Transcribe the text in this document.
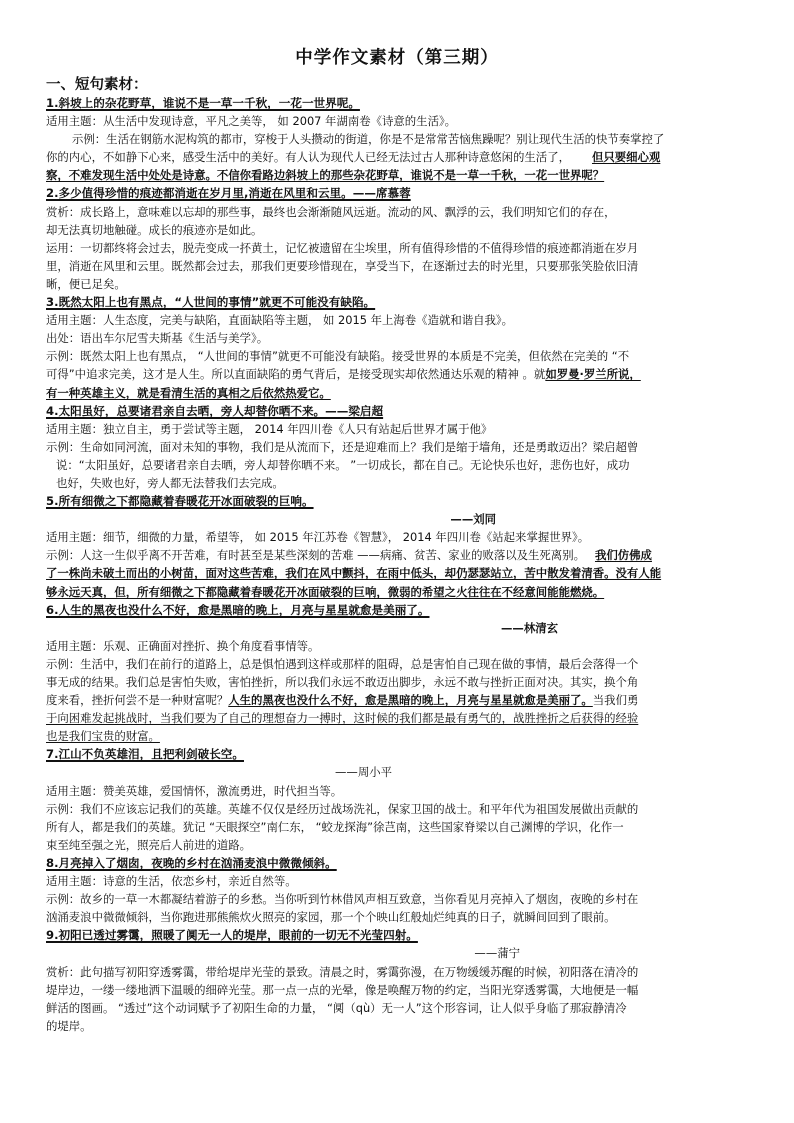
中学作文素材（第三期）

一、短句素材：

1.斜坡上的杂花野草，谁说不是一草一千秋，一花一世界呢。

适用主题：从生活中发现诗意，平凡之美等， 如 2007 年湖南卷《诗意的生活》。

示例：生活在钢筋水泥构筑的都市，穿梭于人头攒动的街道，你是不是常常苦恼焦躁呢？别让现代生活的快节奏掌控了

你的内心，不如静下心来，感受生活中的美好。有人认为现代人已经无法过古人那种诗意悠闲的生活了， 但只要细心观

察，不难发现生活中处处是诗意。不信你看路边斜坡上的那些杂花野草，谁说不是一草一千秋，一花一世界呢？

2.多少值得珍惜的痕迹都消逝在岁月里,消逝在风里和云里。——席慕蓉

赏析：成长路上，意味难以忘却的那些事，最终也会渐渐随风远逝。流动的风、飘浮的云，我们明知它们的存在，

却无法真切地触碰。成长的痕迹亦是如此。

运用：一切都终将会过去，脱壳变成一抔黄土，记忆被遗留在尘埃里，所有值得珍惜的不值得珍惜的痕迹都消逝在岁月

里，消逝在风里和云里。既然都会过去，那我们更要珍惜现在，享受当下，在逐渐过去的时光里，只要那张笑脸依旧清

晰，便已足矣。

3.既然太阳上也有黑点，“人世间的事情”就更不可能没有缺陷。

适用主题：人生态度，完美与缺陷，直面缺陷等主题， 如 2015 年上海卷《造就和谐自我》。

出处：语出车尔尼雪夫斯基《生活与美学》。

示例：既然太阳上也有黑点， “人世间的事情”就更不可能没有缺陷。接受世界的本质是不完美，但依然在完美的 “不

可得”中追求完美，这才是人生。所以直面缺陷的勇气背后，是接受现实却依然通达乐观的精神 。就如罗曼·罗兰所说，

有一种英雄主义，就是看清生活的真相之后依然热爱它。

4.太阳虽好，总要诸君亲自去晒，旁人却替你晒不来。——梁启超

适用主题：独立自主，勇于尝试等主题， 2014 年四川卷《人只有站起后世界才属于他》

示例：生命如同河流，面对未知的事物，我们是从流而下，还是迎难而上？我们是缩于墙角，还是勇敢迈出？梁启超曾

说：“太阳虽好，总要诸君亲自去晒，旁人却替你晒不来。 ”一切成长，都在自己。无论快乐也好，悲伤也好，成功

也好，失败也好，旁人都无法替我们去完成。

5.所有细微之下都隐藏着春暖花开冰面破裂的巨响。

——刘同

适用主题：细节，细微的力量，希望等， 如 2015 年江苏卷《智慧》， 2014 年四川卷《站起来掌握世界》。

示例：人这一生似乎离不开苦难，有时甚至是某些深刻的苦难 ——病痛、贫苦、家业的败落以及生死离别。 我们仿佛成

了一株尚未破土而出的小树苗，面对这些苦难，我们在风中颤抖，在雨中低头，却仍瑟瑟站立，苦中散发着清香。没有人能

够永远天真，但，所有细微之下都隐藏着春暖花开冰面破裂的巨响，微弱的希望之火往往在不经意间能能燃烧。

6.人生的黑夜也没什么不好，愈是黑暗的晚上，月亮与星星就愈是美丽了。

——林清玄

适用主题：乐观、正确面对挫折、换个角度看事情等。

示例：生活中，我们在前行的道路上，总是惧怕遇到这样或那样的阻碍，总是害怕自己现在做的事情，最后会落得一个

事无成的结果。我们总是害怕失败，害怕挫折，所以我们永远不敢迈出脚步，永远不敢与挫折正面对决。其实，换个角

度来看，挫折何尝不是一种财富呢？人生的黑夜也没什么不好，愈是黑暗的晚上，月亮与星星就愈是美丽了。当我们勇

于向困难发起挑战时，当我们要为了自己的理想奋力一搏时，这时候的我们都是最有勇气的，战胜挫折之后获得的经验

也是我们宝贵的财富。

7.江山不负英雄泪，且把利剑破长空。

——周小平

适用主题：赞美英雄，爱国情怀，激流勇进，时代担当等。

示例：我们不应该忘记我们的英雄。英雄不仅仅是经历过战场洗礼，保家卫国的战士。和平年代为祖国发展做出贡献的

所有人，都是我们的英雄。犹记 “天眼探空”南仁东， “蛟龙探海”徐芑南，这些国家脊梁以自己渊博的学识，化作一

束至纯至强之光，照亮后人前进的道路。

8.月亮掉入了烟囱，夜晚的乡村在汹涌麦浪中微微倾斜。

适用主题：诗意的生活，依恋乡村，亲近自然等。

示例：故乡的一草一木都凝结着游子的乡愁。当你听到竹林借风声相互致意，当你看见月亮掉入了烟囱，夜晚的乡村在

汹涌麦浪中微微倾斜，当你跑进那熊熊炊火照亮的家园，那一个个映山红般灿烂纯真的日子，就瞬间回到了眼前。

9.初阳已透过雾霭，照暖了阒无一人的堤岸，眼前的一切无不光莹四射。

——蒲宁

赏析：此句描写初阳穿透雾霭，带给堤岸光莹的景致。清晨之时，雾霭弥漫，在万物缓缓苏醒的时候，初阳落在清冷的

堤岸边，一缕一缕地洒下温暖的细碎光莹。那一点一点的光晕，像是唤醒万物的约定，当阳光穿透雾霭，大地便是一幅

鲜活的图画。 “透过”这个动词赋予了初阳生命的力量， “阒（qù）无一人”这个形容词，让人似乎身临了那寂静清冷

的堤岸。
